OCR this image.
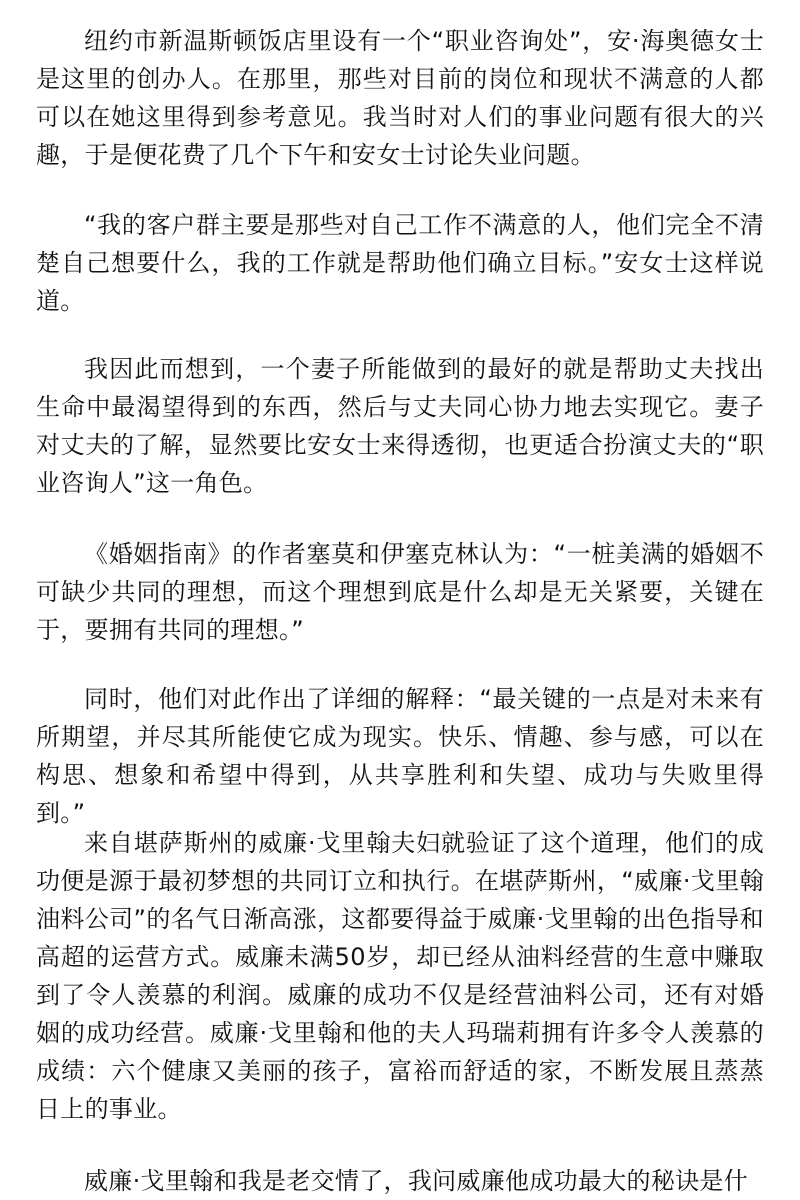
纽约市新温斯顿饭店里设有一个“职业咨询处”，安·海奥德女士是这里的创办人。在那里，那些对目前的岗位和现状不满意的人都可以在她这里得到参考意见。我当时对人们的事业问题有很大的兴趣，于是便花费了几个下午和安女士讨论失业问题。

“我的客户群主要是那些对自己工作不满意的人，他们完全不清楚自己想要什么，我的工作就是帮助他们确立目标。”安女士这样说道。

我因此而想到，一个妻子所能做到的最好的就是帮助丈夫找出生命中最渴望得到的东西，然后与丈夫同心协力地去实现它。妻子对丈夫的了解，显然要比安女士来得透彻，也更适合扮演丈夫的“职业咨询人”这一角色。

《婚姻指南》的作者塞莫和伊塞克林认为：“一桩美满的婚姻不可缺少共同的理想，而这个理想到底是什么却是无关紧要，关键在于，要拥有共同的理想。”

同时，他们对此作出了详细的解释：“最关键的一点是对未来有所期望，并尽其所能使它成为现实。快乐、情趣、参与感，可以在构思、想象和希望中得到，从共享胜利和失望、成功与失败里得到。”

来自堪萨斯州的威廉·戈里翰夫妇就验证了这个道理，他们的成功便是源于最初梦想的共同订立和执行。在堪萨斯州，“威廉·戈里翰油料公司”的名气日渐高涨，这都要得益于威廉·戈里翰的出色指导和高超的运营方式。威廉未满50岁，却已经从油料经营的生意中赚取到了令人羡慕的利润。威廉的成功不仅是经营油料公司，还有对婚姻的成功经营。威廉·戈里翰和他的夫人玛瑞莉拥有许多令人羡慕的成绩：六个健康又美丽的孩子，富裕而舒适的家，不断发展且蒸蒸日上的事业。

威廉·戈里翰和我是老交情了，我问威廉他成功最大的秘诀是什
